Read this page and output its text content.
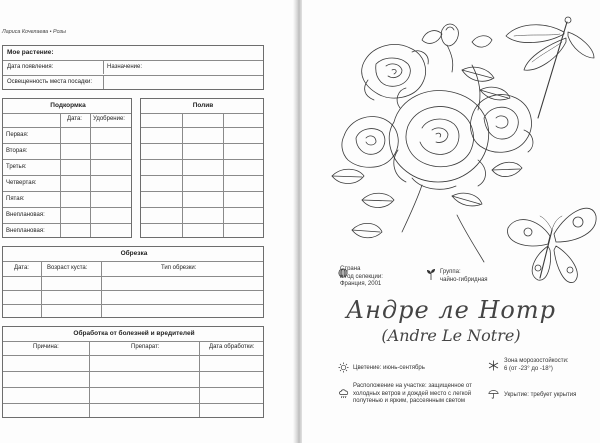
Лариса Кочелаева • Розы
Мое растение:
Дата появления:	Назначение:
Освещенность места посадки:
Подкормка
Дата: Удобрение:
Первая:
Вторая:
Третья:
Четвертая:
Пятая:
Внеплановая:
Внеплановая:
Полив
Обрезка
Дата:	Возраст куста:	Тип обрезки:
Обработка от болезней и вредителей
Причина:	Препарат:	Дата обработки:
Страна
и год селекции:
Франция, 2001
Группа:
чайно-гибридная
Андре ле Нотр
(Andre Le Notre)
Цветение: июнь-сентябрь
Зона морозостойкости:
6 (от -23° до -18°)
Расположение на участке: защищенное от
холодных ветров и дождей место с легкой
полутенью и ярким, рассеянным светом
Укрытие: требует укрытия
